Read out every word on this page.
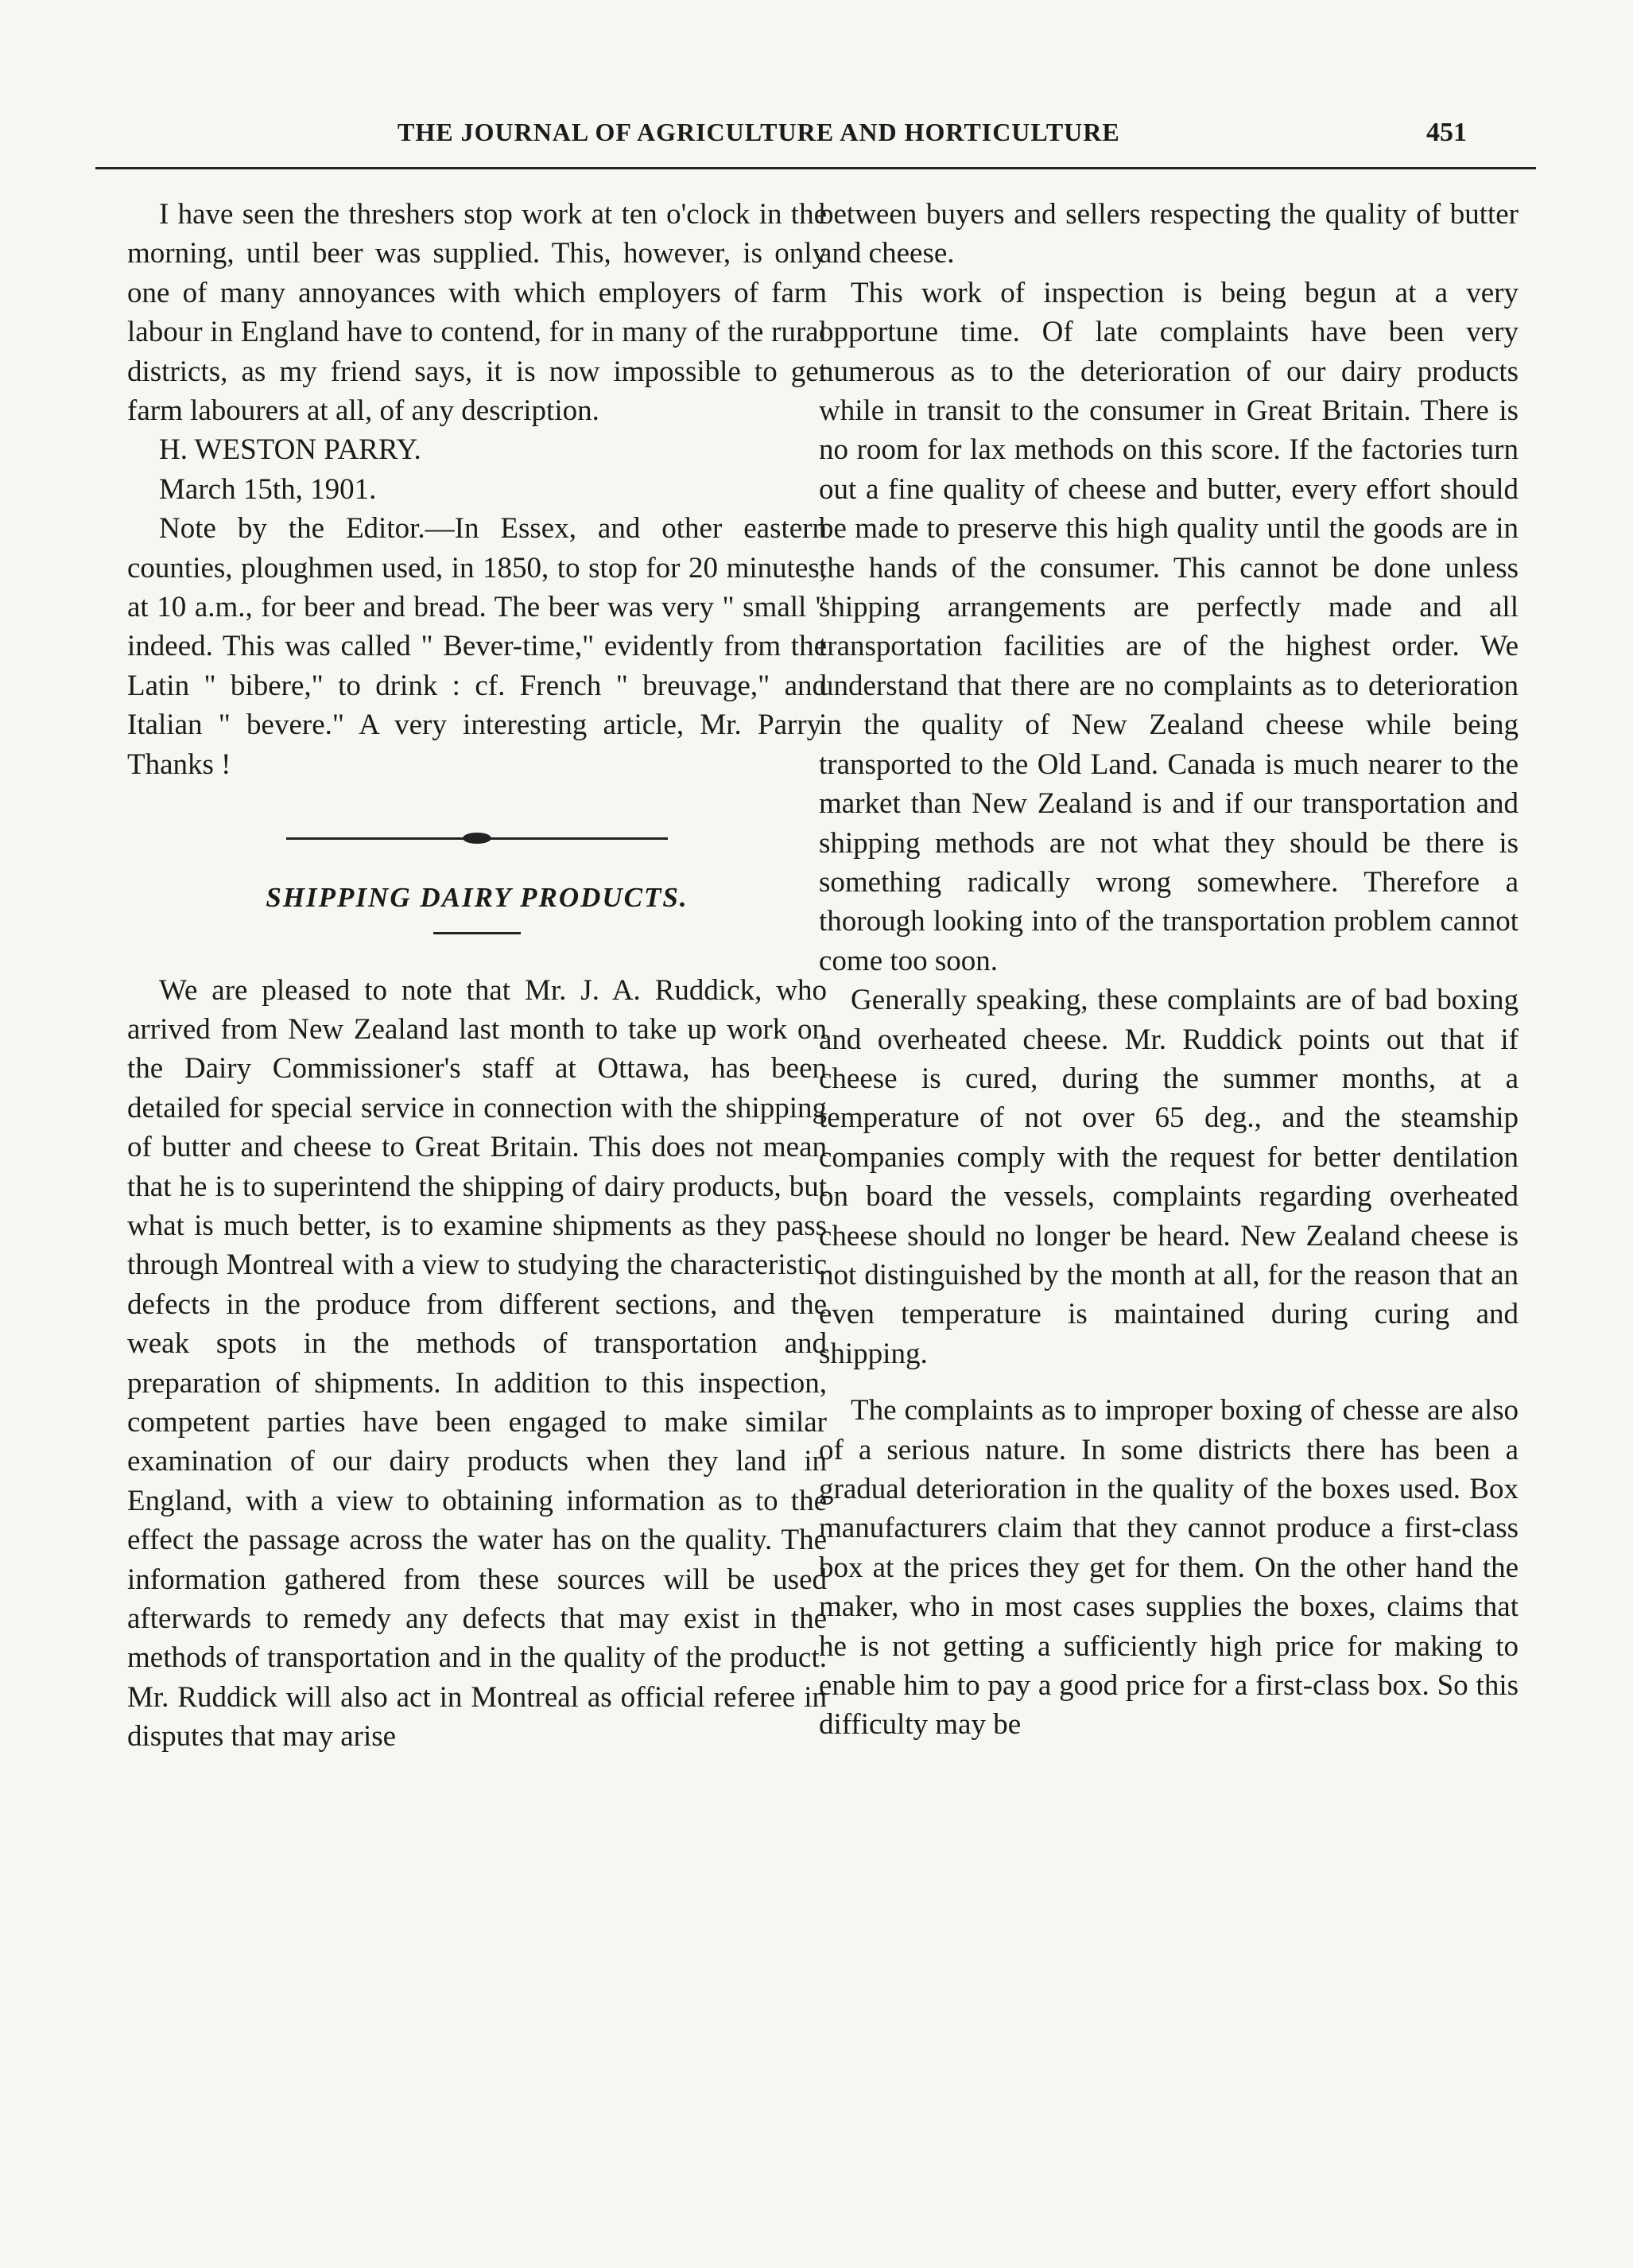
THE JOURNAL OF AGRICULTURE AND HORTICULTURE	451

I have seen the threshers stop work at ten o'clock in the morning, until beer was supplied. This, however, is only one of many annoyances with which employers of farm labour in England have to contend, for in many of the rural districts, as my friend says, it is now impossible to get farm labourers at all, of any description.

H. WESTON PARRY.

March 15th, 1901.

Note by the Editor.—In Essex, and other eastern counties, ploughmen used, in 1850, to stop for 20 minutes, at 10 a.m., for beer and bread. The beer was very " small " indeed. This was called " Bever-time," evidently from the Latin " bibere," to drink : cf. French " breuvage," and Italian " bevere." A very interesting article, Mr. Parry. Thanks !

SHIPPING DAIRY PRODUCTS.

We are pleased to note that Mr. J. A. Ruddick, who arrived from New Zealand last month to take up work on the Dairy Commissioner's staff at Ottawa, has been detailed for special service in connection with the shipping of butter and cheese to Great Britain. This does not mean that he is to superintend the shipping of dairy products, but what is much better, is to examine shipments as they pass through Montreal with a view to studying the characteristic defects in the produce from different sections, and the weak spots in the methods of transportation and preparation of shipments. In addition to this inspection, competent parties have been engaged to make similar examination of our dairy products when they land in England, with a view to obtaining information as to the effect the passage across the water has on the quality. The information gathered from these sources will be used afterwards to remedy any defects that may exist in the methods of transportation and in the quality of the product. Mr. Ruddick will also act in Montreal as official referee in disputes that may arise

between buyers and sellers respecting the quality of butter and cheese.

This work of inspection is being begun at a very opportune time. Of late complaints have been very numerous as to the deterioration of our dairy products while in transit to the consumer in Great Britain. There is no room for lax methods on this score. If the factories turn out a fine quality of cheese and butter, every effort should be made to preserve this high quality until the goods are in the hands of the consumer. This cannot be done unless shipping arrangements are perfectly made and all transportation facilities are of the highest order. We understand that there are no complaints as to deterioration in the quality of New Zealand cheese while being transported to the Old Land. Canada is much nearer to the market than New Zealand is and if our transportation and shipping methods are not what they should be there is something radically wrong somewhere. Therefore a thorough looking into of the transportation problem cannot come too soon.

Generally speaking, these complaints are of bad boxing and overheated cheese. Mr. Ruddick points out that if cheese is cured, during the summer months, at a temperature of not over 65 deg., and the steamship companies comply with the request for better dentilation on board the vessels, complaints regarding overheated cheese should no longer be heard. New Zealand cheese is not distinguished by the month at all, for the reason that an even temperature is maintained during curing and shipping.

The complaints as to improper boxing of chesse are also of a serious nature. In some districts there has been a gradual deterioration in the quality of the boxes used. Box manufacturers claim that they cannot produce a first-class box at the prices they get for them. On the other hand the maker, who in most cases supplies the boxes, claims that he is not getting a sufficiently high price for making to enable him to pay a good price for a first-class box. So this difficulty may be
